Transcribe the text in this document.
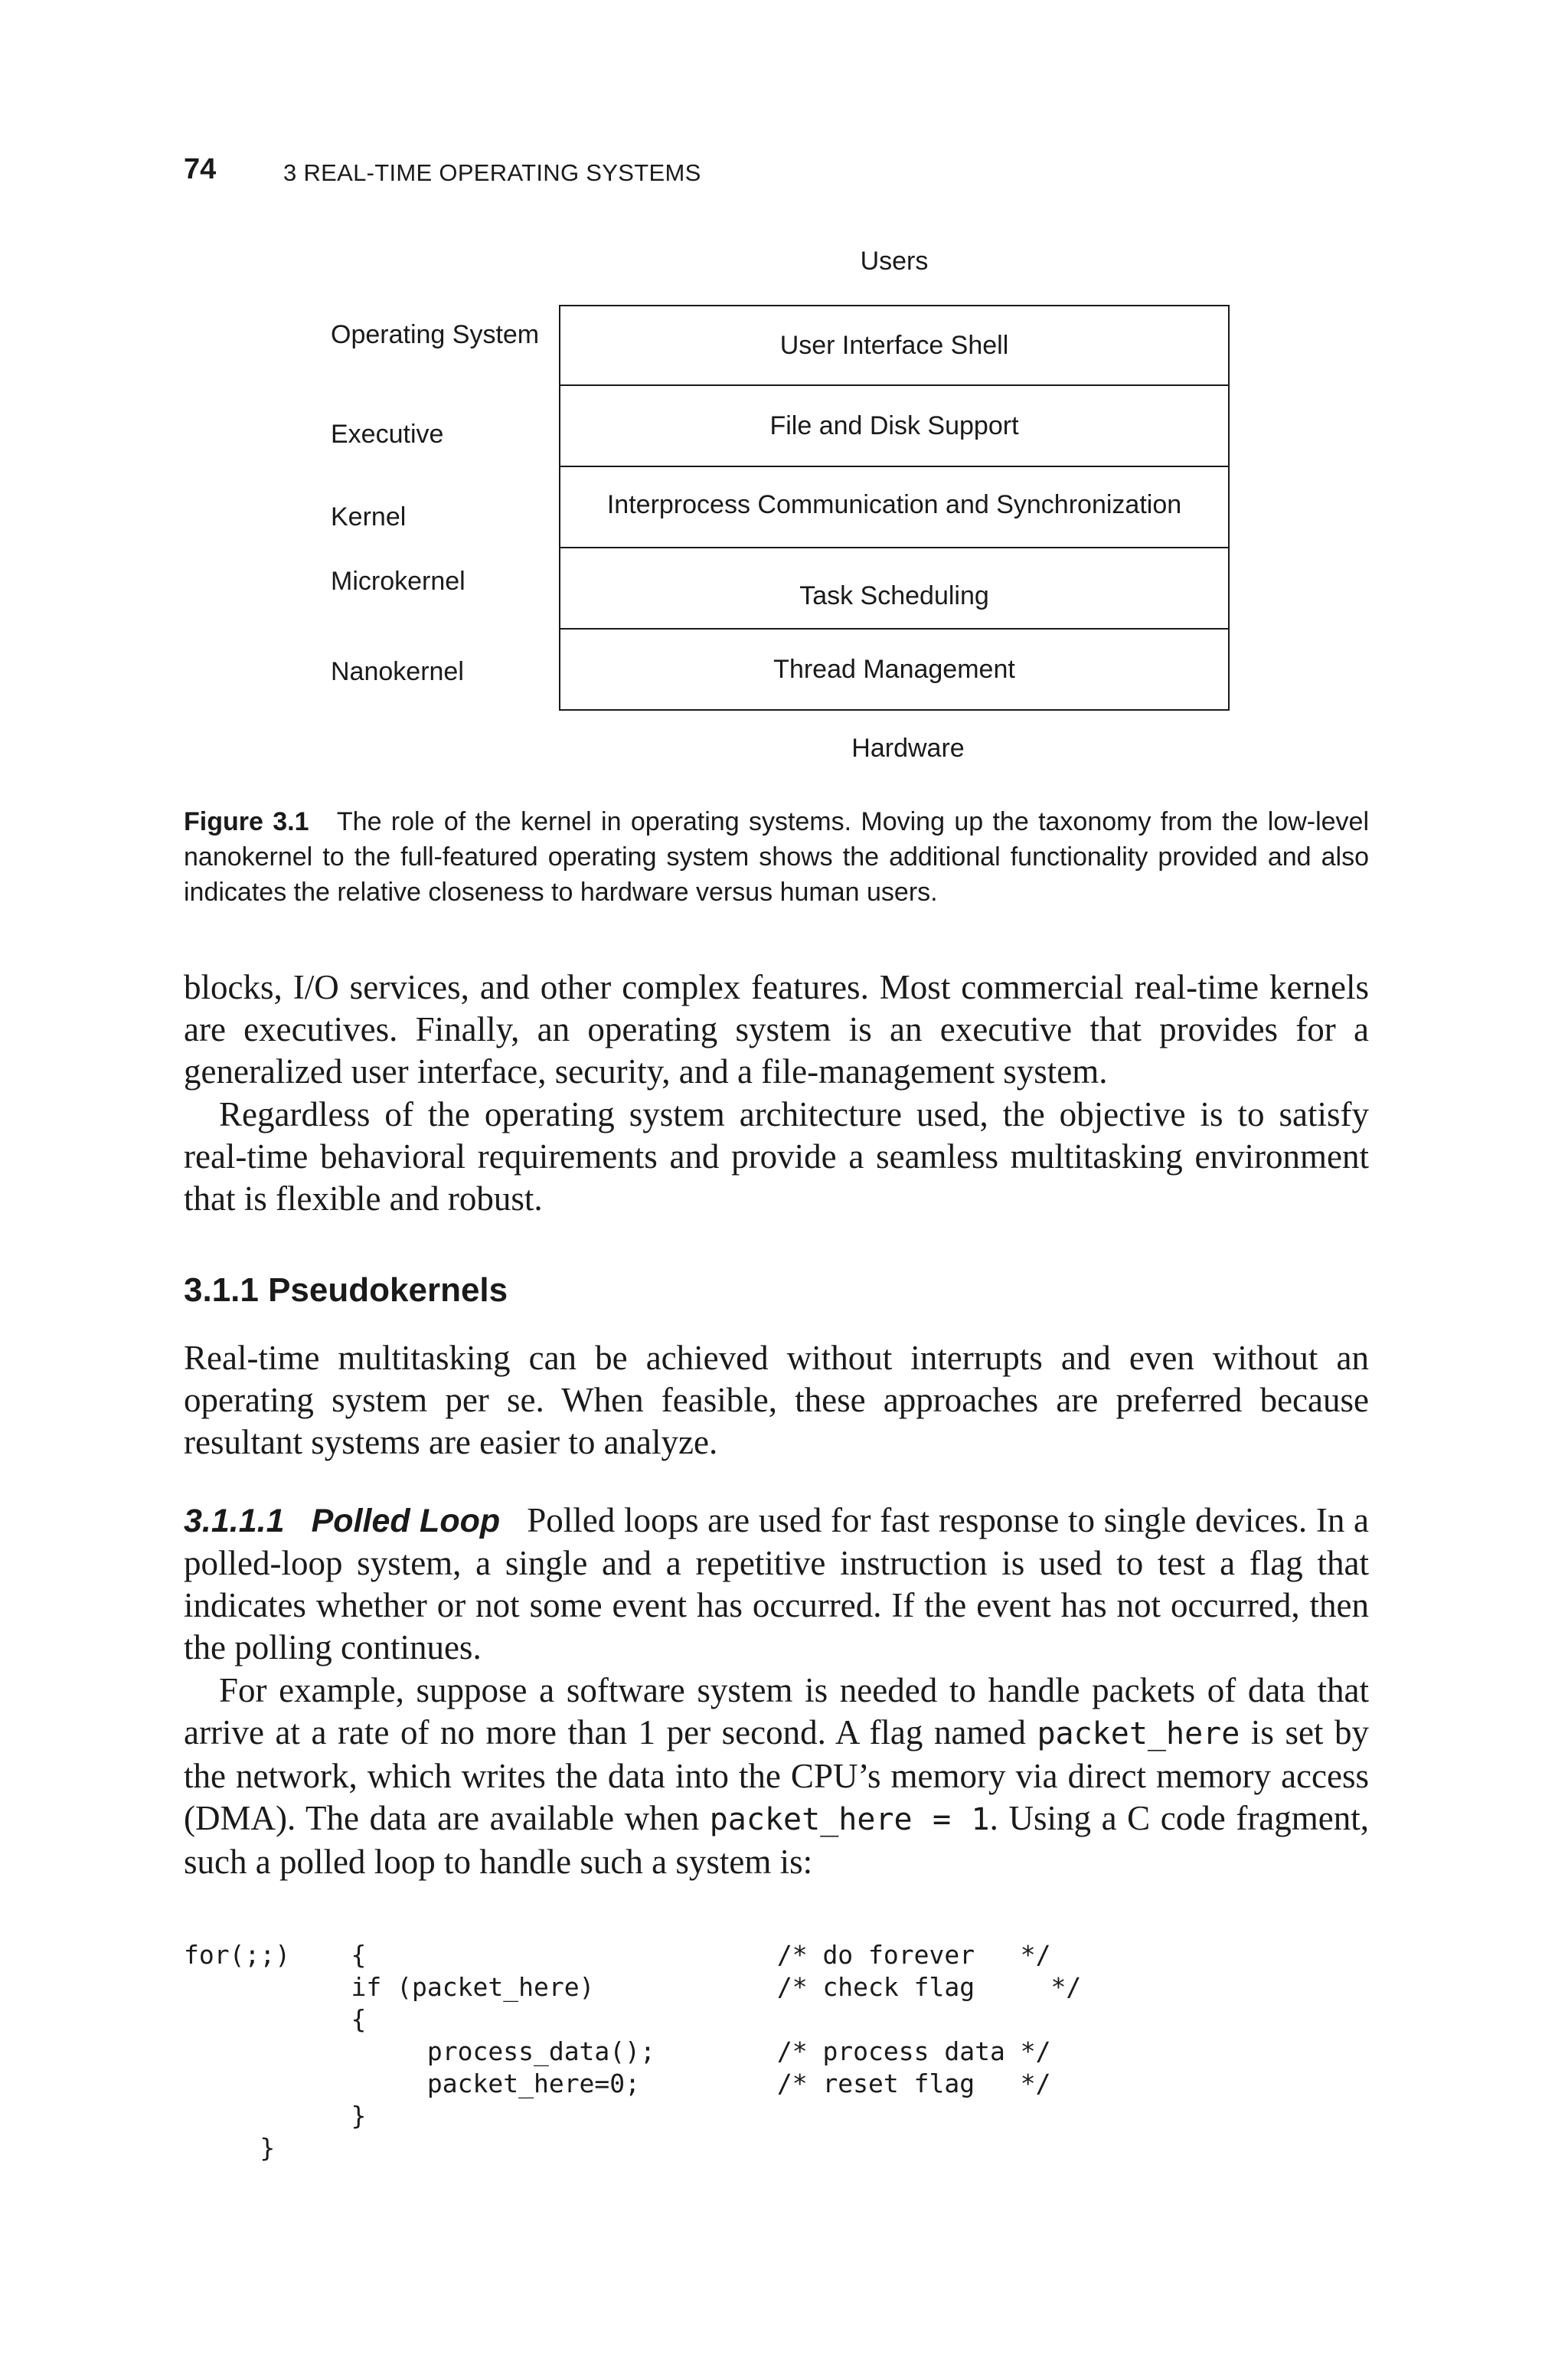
74	3 REAL-TIME OPERATING SYSTEMS
Users
Operating System
Executive
Kernel
Microkernel
Nanokernel
User Interface Shell
File and Disk Support
Interprocess Communication and Synchronization
Task Scheduling
Thread Management
Hardware
Figure 3.1 The role of the kernel in operating systems. Moving up the taxonomy from the low-level nanokernel to the full-featured operating system shows the additional functionality provided and also indicates the relative closeness to hardware versus human users.
blocks, I/O services, and other complex features. Most commercial real-time kernels are executives. Finally, an operating system is an executive that provides for a generalized user interface, security, and a file-management system.
Regardless of the operating system architecture used, the objective is to satisfy real-time behavioral requirements and provide a seamless multitasking environment that is flexible and robust.
3.1.1 Pseudokernels
Real-time multitasking can be achieved without interrupts and even without an operating system per se. When feasible, these approaches are preferred because resultant systems are easier to analyze.
3.1.1.1 Polled Loop Polled loops are used for fast response to single devices. In a polled-loop system, a single and a repetitive instruction is used to test a flag that indicates whether or not some event has occurred. If the event has not occurred, then the polling continues.
For example, suppose a software system is needed to handle packets of data that arrive at a rate of no more than 1 per second. A flag named packet_here is set by the network, which writes the data into the CPU’s memory via direct memory access (DMA). The data are available when packet_here = 1. Using a C code fragment, such a polled loop to handle such a system is:
for(;;)    {                           /* do forever   */
if (packet_here)            /* check flag     */
{
process_data();        /* process data */
packet_here=0;         /* reset flag   */
}
}
